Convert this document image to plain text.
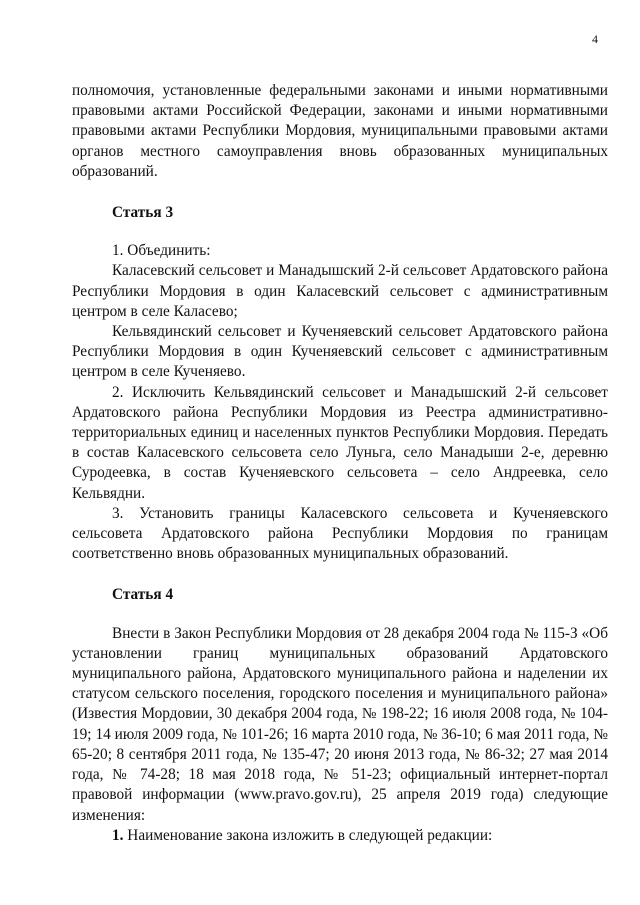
4

полномочия, установленные федеральными законами и иными нормативными правовыми актами Российской Федерации, законами и иными нормативными правовыми актами Республики Мордовия, муниципальными правовыми актами органов местного самоуправления вновь образованных муниципальных образований.

Статья 3

1. Объединить:

Каласевский сельсовет и Манадышский 2-й сельсовет Ардатовского района Республики Мордовия в один Каласевский сельсовет с административным центром в селе Каласево;

Кельвядинский сельсовет и Кученяевский сельсовет Ардатовского района Республики Мордовия в один Кученяевский сельсовет с административным центром в селе Кученяево.

2. Исключить Кельвядинский сельсовет и Манадышский 2-й сельсовет Ардатовского района Республики Мордовия из Реестра административно-территориальных единиц и населенных пунктов Республики Мордовия. Передать в состав Каласевского сельсовета село Луньга, село Манадыши 2-е, деревню Суродеевка, в состав Кученяевского сельсовета – село Андреевка, село Кельвядни.

3. Установить границы Каласевского сельсовета и Кученяевского сельсовета Ардатовского района Республики Мордовия по границам соответственно вновь образованных муниципальных образований.

Статья 4

Внести в Закон Республики Мордовия от 28 декабря 2004 года № 115-З «Об установлении границ муниципальных образований Ардатовского муниципального района, Ардатовского муниципального района и наделении их статусом сельского поселения, городского поселения и муниципального района» (Известия Мордовии, 30 декабря 2004 года, № 198-22; 16 июля 2008 года, № 104-19; 14 июля 2009 года, № 101-26; 16 марта 2010 года, № 36-10; 6 мая 2011 года, № 65-20; 8 сентября 2011 года, № 135-47; 20 июня 2013 года, № 86-32; 27 мая 2014 года, № 74-28; 18 мая 2018 года, № 51-23; официальный интернет-портал правовой информации (www.pravo.gov.ru), 25 апреля 2019 года) следующие изменения:

1. Наименование закона изложить в следующей редакции:
